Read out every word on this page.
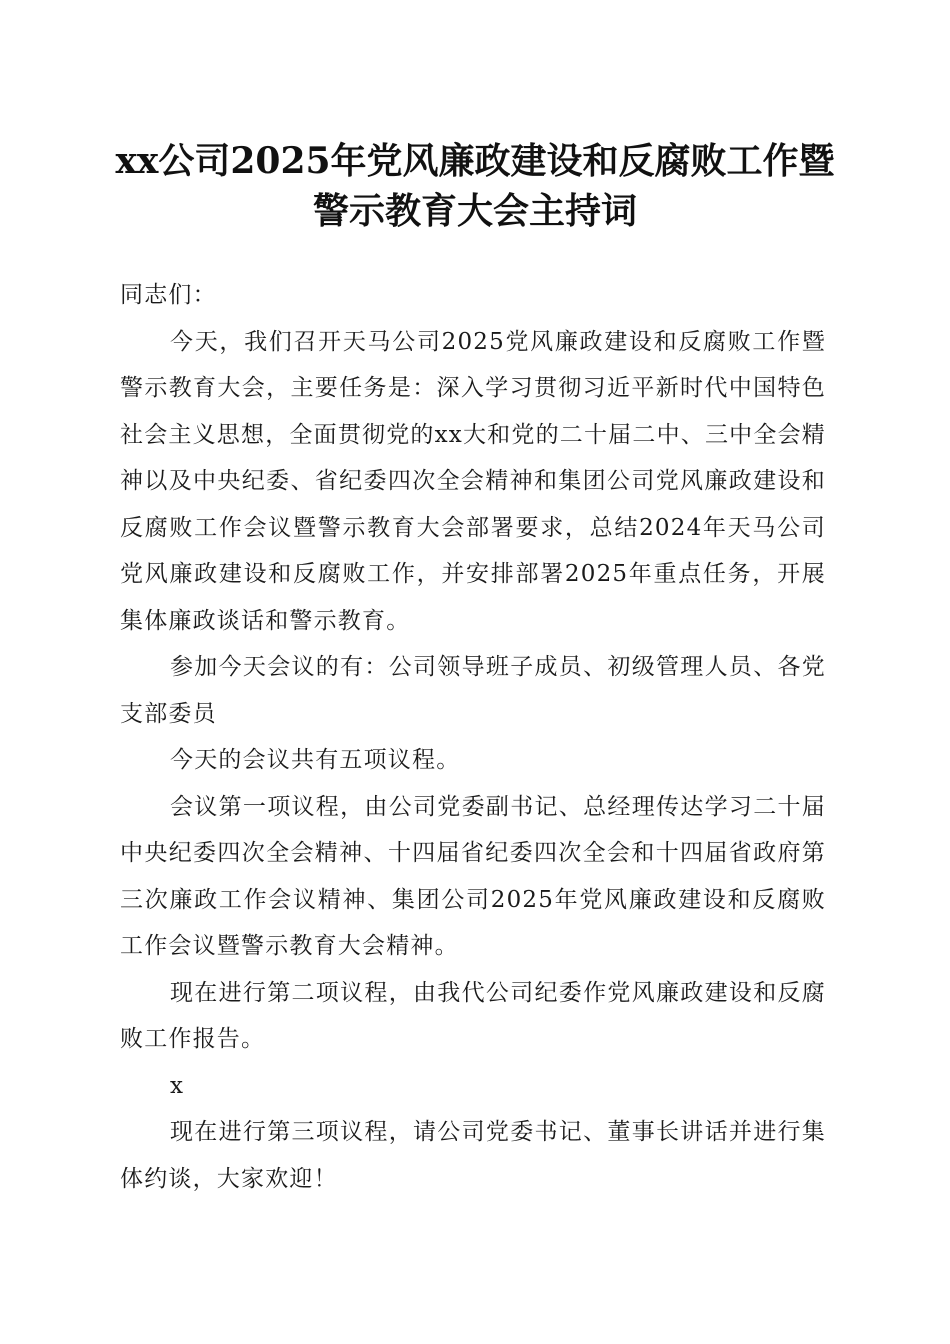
xx公司2025年党风廉政建设和反腐败工作暨
警示教育大会主持词

同志们：

今天，我们召开天马公司2025党风廉政建设和反腐败工作暨警示教育大会，主要任务是：深入学习贯彻习近平新时代中国特色社会主义思想，全面贯彻党的xx大和党的二十届二中、三中全会精神以及中央纪委、省纪委四次全会精神和集团公司党风廉政建设和反腐败工作会议暨警示教育大会部署要求，总结2024年天马公司党风廉政建设和反腐败工作，并安排部署2025年重点任务，开展集体廉政谈话和警示教育。

参加今天会议的有：公司领导班子成员、初级管理人员、各党支部委员

今天的会议共有五项议程。

会议第一项议程，由公司党委副书记、总经理传达学习二十届中央纪委四次全会精神、十四届省纪委四次全会和十四届省政府第三次廉政工作会议精神、集团公司2025年党风廉政建设和反腐败工作会议暨警示教育大会精神。

现在进行第二项议程，由我代公司纪委作党风廉政建设和反腐败工作报告。

x

现在进行第三项议程，请公司党委书记、董事长讲话并进行集体约谈，大家欢迎！
